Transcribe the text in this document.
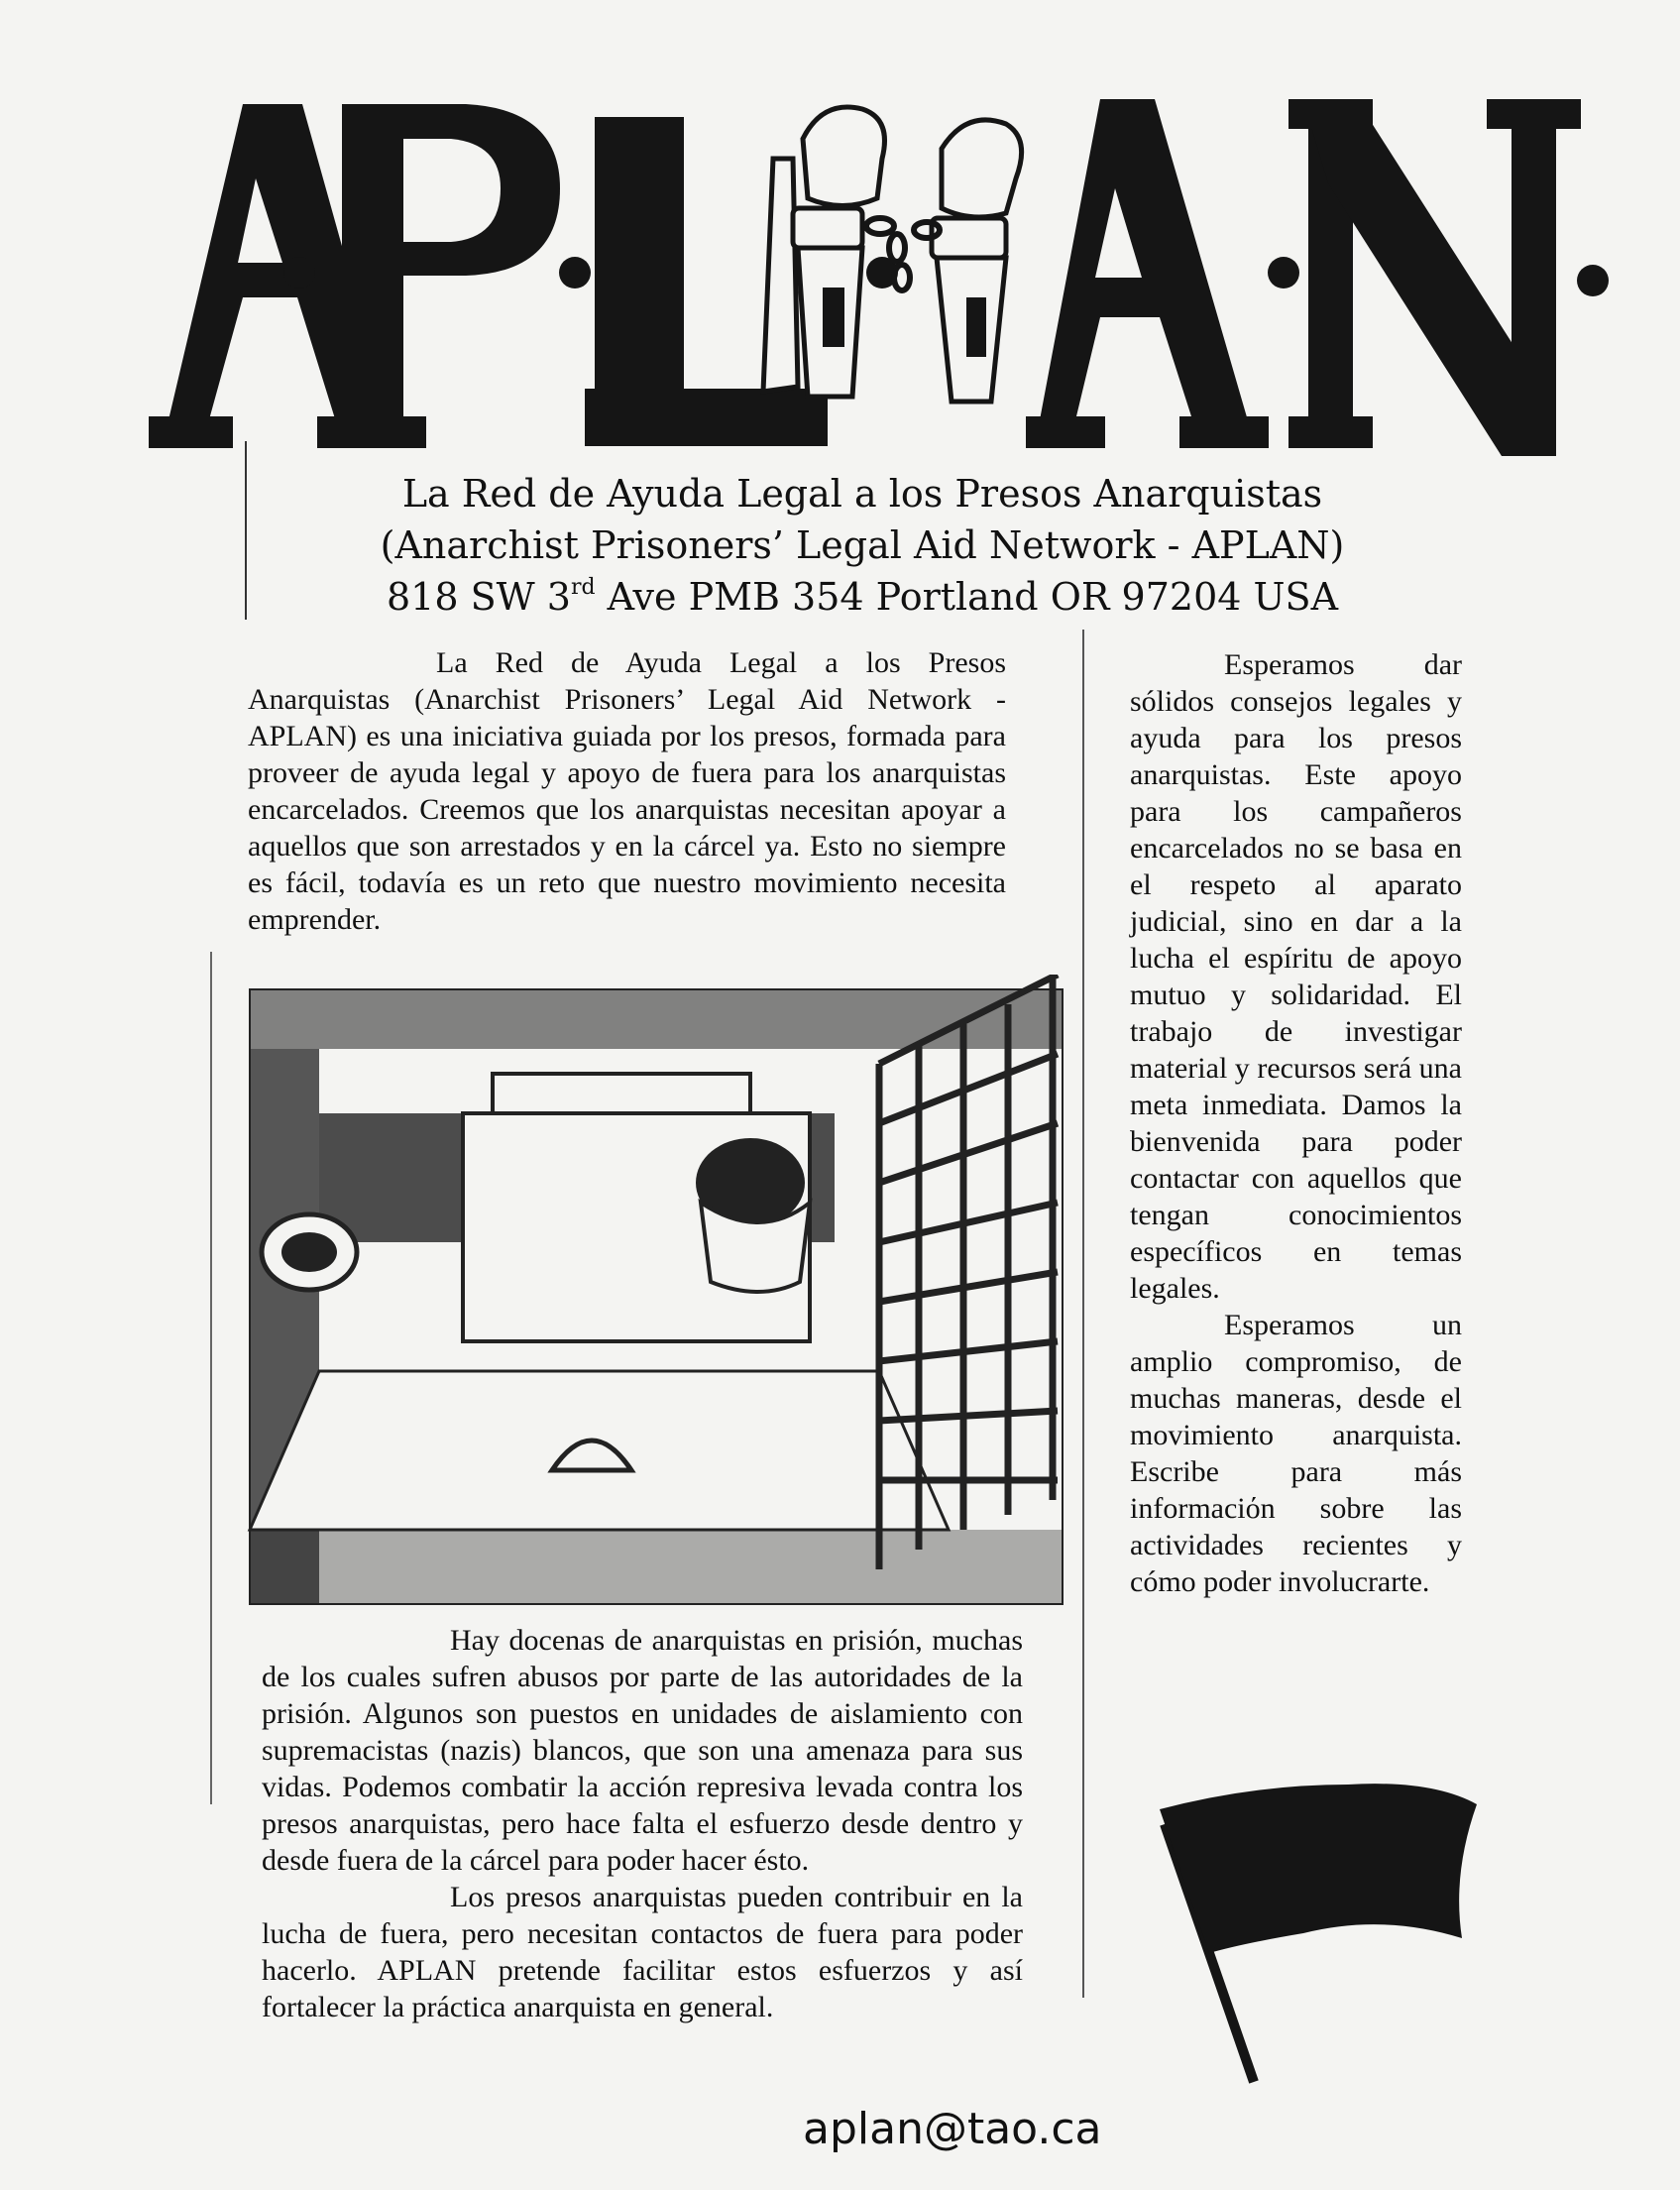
La Red de Ayuda Legal a los Presos Anarquistas
(Anarchist Prisoners’ Legal Aid Network - APLAN)
818 SW 3rd Ave PMB 354 Portland OR 97204 USA

La Red de Ayuda Legal a los Presos Anarquistas (Anarchist Prisoners’ Legal Aid Network - APLAN) es una iniciativa guiada por los presos, formada para proveer de ayuda legal y apoyo de fuera para los anarquistas encarcelados. Creemos que los anarquistas necesitan apoyar a aquellos que son arrestados y en la cárcel ya. Esto no siempre es fácil, todavía es un reto que nuestro movimiento necesita emprender.

Hay docenas de anarquistas en prisión, muchas de los cuales sufren abusos por parte de las autoridades de la prisión. Algunos son puestos en unidades de aislamiento con supremacistas (nazis) blancos, que son una amenaza para sus vidas. Podemos combatir la acción represiva levada contra los presos anarquistas, pero hace falta el esfuerzo desde dentro y desde fuera de la cárcel para poder hacer ésto.

Los presos anarquistas pueden contribuir en la lucha de fuera, pero necesitan contactos de fuera para poder hacerlo. APLAN pretende facilitar estos esfuerzos y así fortalecer la práctica anarquista en general.

Esperamos dar sólidos consejos legales y ayuda para los presos anarquistas. Este apoyo para los campañeros encarcelados no se basa en el respeto al aparato judicial, sino en dar a la lucha el espíritu de apoyo mutuo y solidaridad. El trabajo de investigar material y recursos será una meta inmediata. Damos la bienvenida para poder contactar con aquellos que tengan conocimientos específicos en temas legales.

Esperamos un amplio compromiso, de muchas maneras, desde el movimiento anarquista. Escribe para más informaciόn sobre las actividades recientes y cómo poder involucrarte.

aplan@tao.ca
